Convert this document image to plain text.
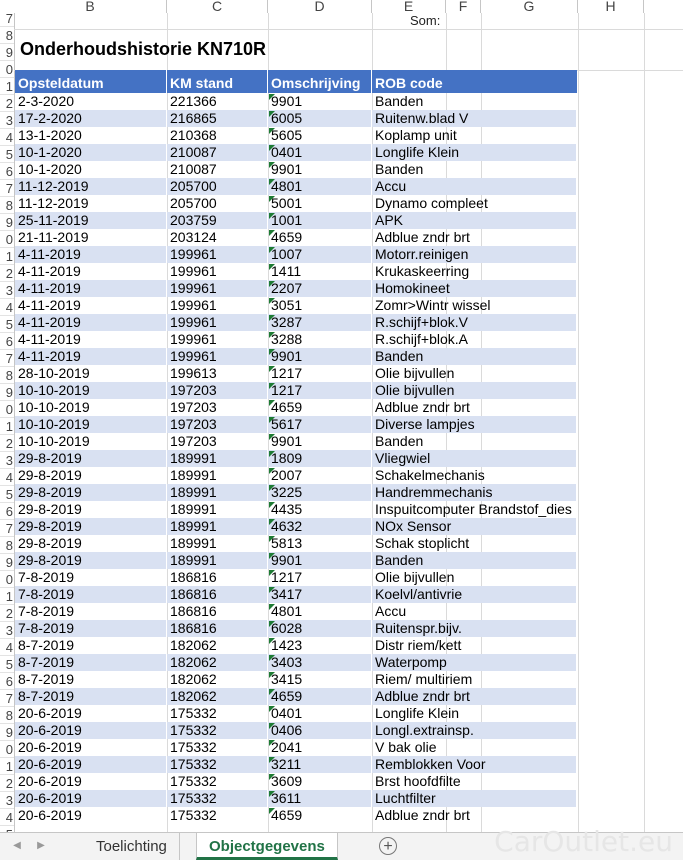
B	C	D	E	F	G	H
7
8
9
0
1
2
3
4
5
6
7
8
9
0
1
2
3
4
5
6
7
8
9
0
1
2
3
4
5
6
7
8
9
0
1
2
3
4
5
6
7
8
9
0
1
2
3
4
Som:
Onderhoudshistorie KN710R
Opsteldatum	KM stand	Omschrijving	ROB code
2-3-2020	221366	9901	Banden
17-2-2020	216865	6005	Ruitenw.blad V
13-1-2020	210368	5605	Koplamp unit
10-1-2020	210087	0401	Longlife Klein
10-1-2020	210087	9901	Banden
11-12-2019	205700	4801	Accu
11-12-2019	205700	5001	Dynamo compleet
25-11-2019	203759	1001	APK
21-11-2019	203124	4659	Adblue zndr brt
4-11-2019	199961	1007	Motorr.reinigen
4-11-2019	199961	1411	Krukaskeerring
4-11-2019	199961	2207	Homokineet
4-11-2019	199961	3051	Zomr>Wintr wissel
4-11-2019	199961	3287	R.schijf+blok.V
4-11-2019	199961	3288	R.schijf+blok.A
4-11-2019	199961	9901	Banden
28-10-2019	199613	1217	Olie bijvullen
10-10-2019	197203	1217	Olie bijvullen
10-10-2019	197203	4659	Adblue zndr brt
10-10-2019	197203	5617	Diverse lampjes
10-10-2019	197203	9901	Banden
29-8-2019	189991	1809	Vliegwiel
29-8-2019	189991	2007	Schakelmechanis
29-8-2019	189991	3225	Handremmechanis
29-8-2019	189991	4435	Inspuitcomputer Brandstof_dies
29-8-2019	189991	4632	NOx Sensor
29-8-2019	189991	5813	Schak stoplicht
29-8-2019	189991	9901	Banden
7-8-2019	186816	1217	Olie bijvullen
7-8-2019	186816	3417	Koelvl/antivrie
7-8-2019	186816	4801	Accu
7-8-2019	186816	6028	Ruitenspr.bijv.
8-7-2019	182062	1423	Distr riem/kett
8-7-2019	182062	3403	Waterpomp
8-7-2019	182062	3415	Riem/ multiriem
8-7-2019	182062	4659	Adblue zndr brt
20-6-2019	175332	0401	Longlife Klein
20-6-2019	175332	0406	Longl.extrainsp.
20-6-2019	175332	2041	V bak olie
20-6-2019	175332	3211	Remblokken Voor
20-6-2019	175332	3609	Brst hoofdfilte
20-6-2019	175332	3611	Luchtfilter
20-6-2019	175332	4659	Adblue zndr brt
◀	▶	Toelichting	Objectgegevens	+	CarOutlet.eu
